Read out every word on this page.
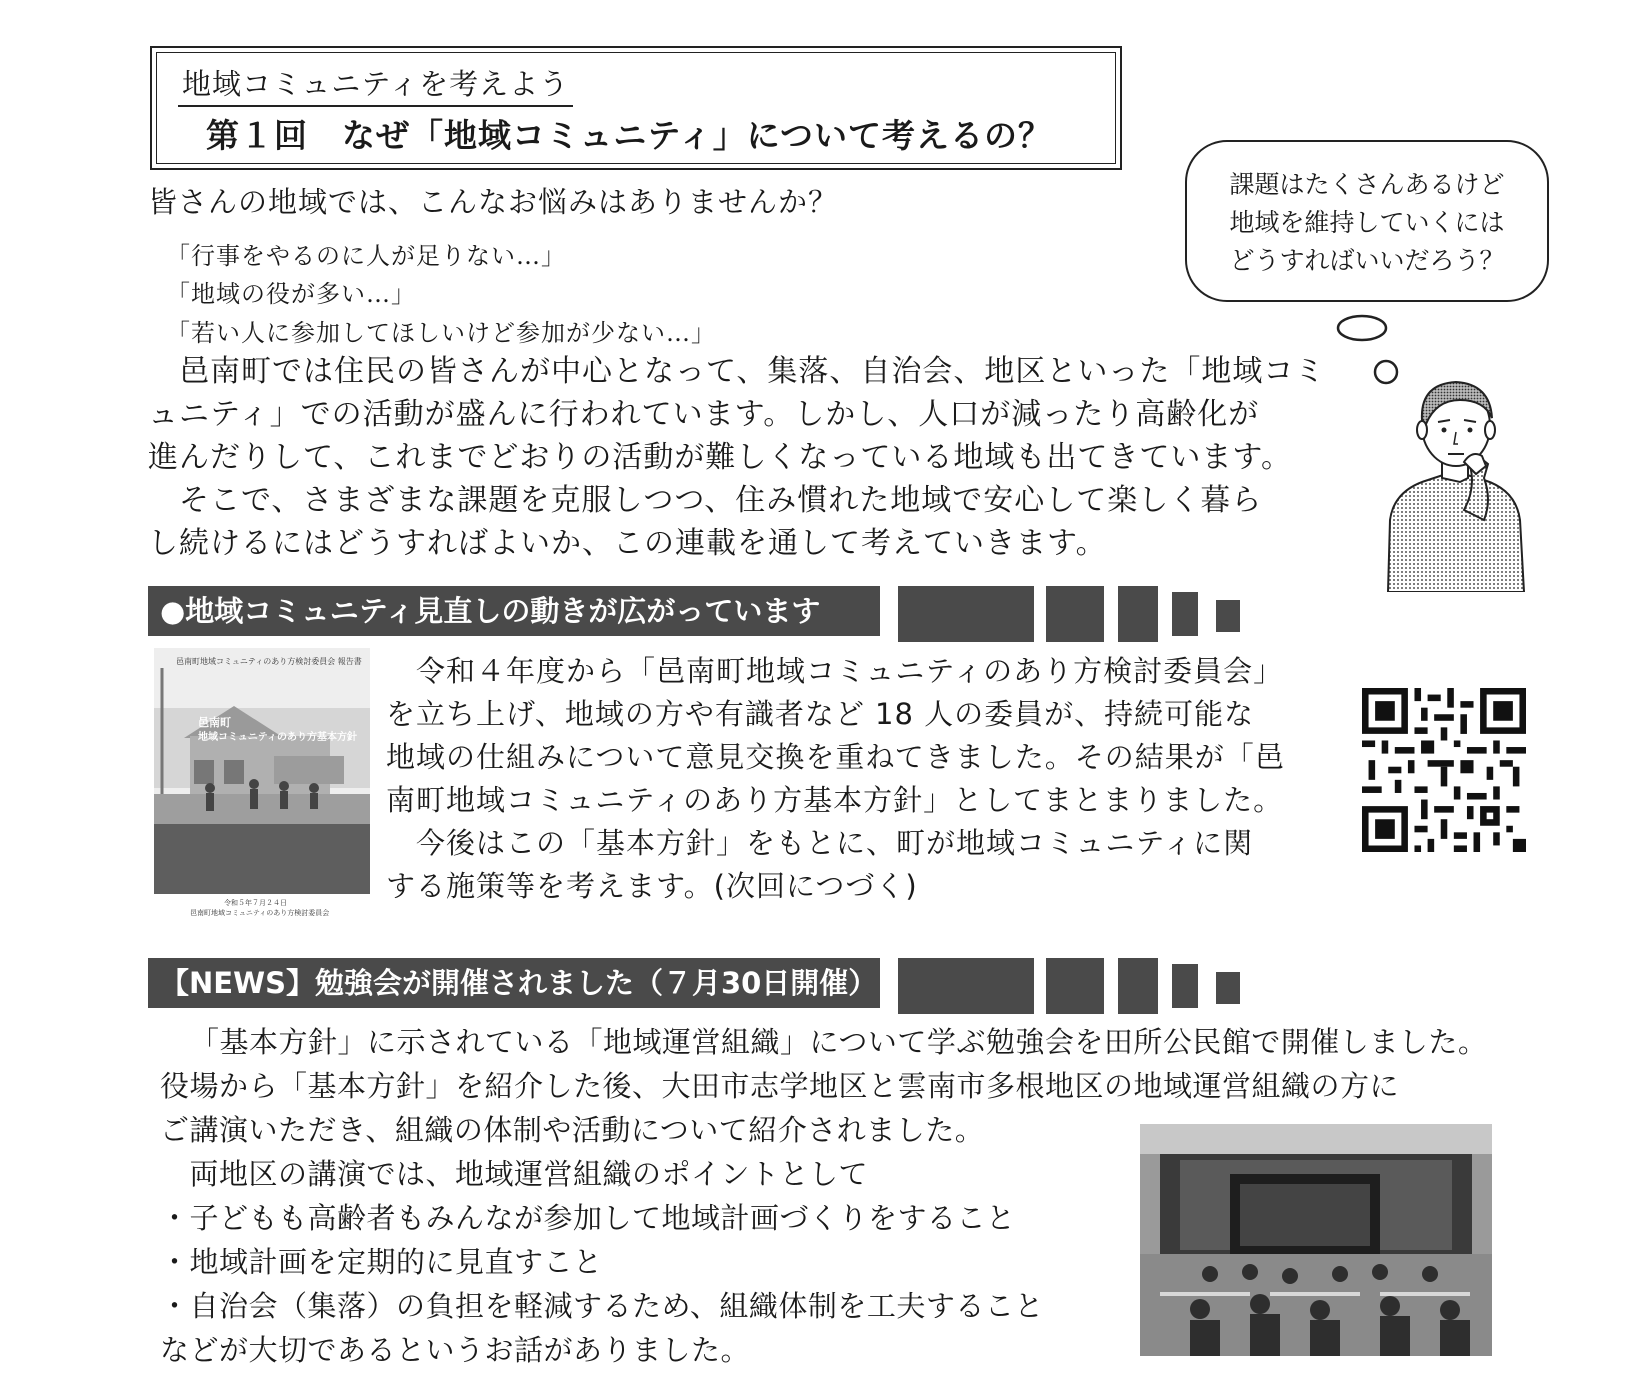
地域コミュニティを考えよう
第１回　なぜ「地域コミュニティ」について考えるの？
皆さんの地域では、こんなお悩みはありませんか？
「行事をやるのに人が足りない…」
「地域の役が多い…」
「若い人に参加してほしいけど参加が少ない…」
　邑南町では住民の皆さんが中心となって、集落、自治会、地区といった「地域コミ
ュニティ」での活動が盛んに行われています。しかし、人口が減ったり高齢化が
進んだりして、これまでどおりの活動が難しくなっている地域も出てきています。
　そこで、さまざまな課題を克服しつつ、住み慣れた地域で安心して楽しく暮ら
し続けるにはどうすればよいか、この連載を通して考えていきます。
課題はたくさんあるけど
地域を維持していくには
どうすればいいだろう？
●地域コミュニティ見直しの動きが広がっています
邑南町地域コミュニティのあり方検討委員会 報告書
邑南町
地域コミュニティのあり方基本方針
令和５年７月２４日
邑南町地域コミュニティのあり方検討委員会
　令和４年度から「邑南町地域コミュニティのあり方検討委員会」
を立ち上げ、地域の方や有識者など 18 人の委員が、持続可能な
地域の仕組みについて意見交換を重ねてきました。その結果が「邑
南町地域コミュニティのあり方基本方針」としてまとまりました。
　今後はこの「基本方針」をもとに、町が地域コミュニティに関
する施策等を考えます。(次回につづく)
【NEWS】勉強会が開催されました（７月30日開催）
「基本方針」に示されている「地域運営組織」について学ぶ勉強会を田所公民館で開催しました。
役場から「基本方針」を紹介した後、大田市志学地区と雲南市多根地区の地域運営組織の方に
ご講演いただき、組織の体制や活動について紹介されました。
　両地区の講演では、地域運営組織のポイントとして
・子どもも高齢者もみんなが参加して地域計画づくりをすること
・地域計画を定期的に見直すこと
・自治会（集落）の負担を軽減するため、組織体制を工夫すること
などが大切であるというお話がありました。
